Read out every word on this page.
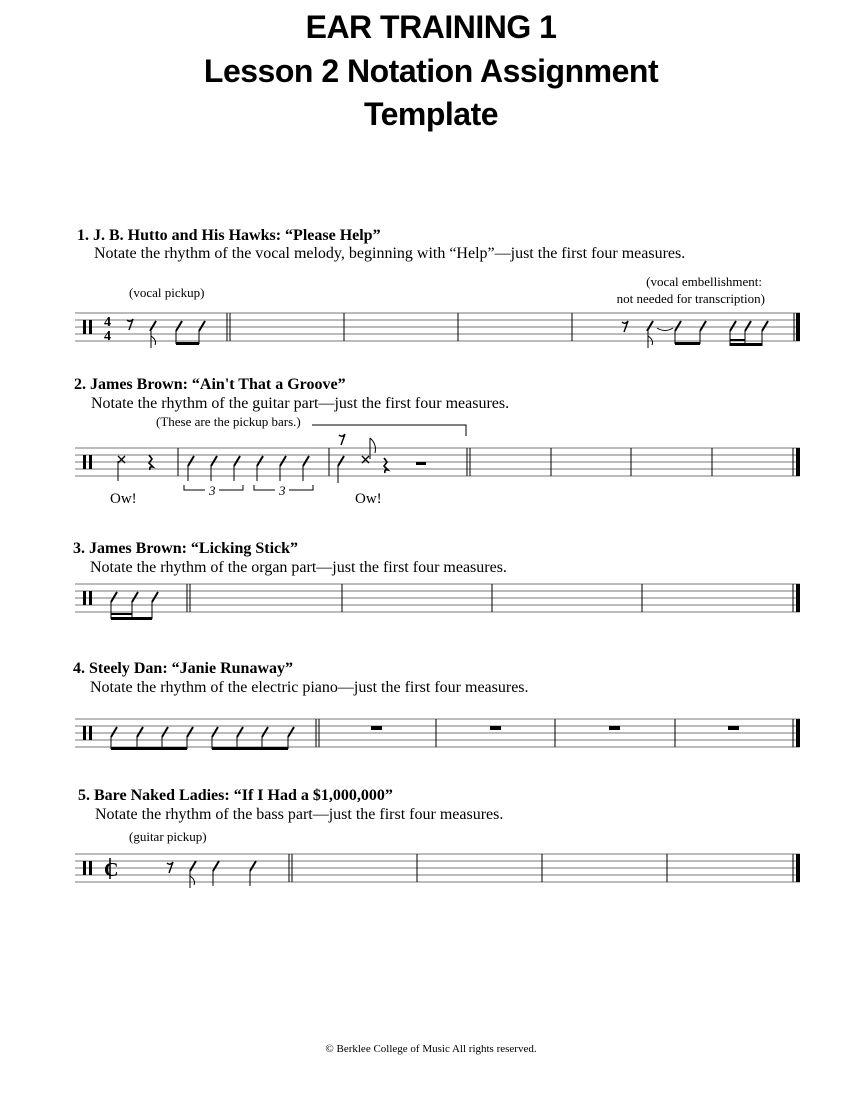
EAR TRAINING 1
Lesson 2 Notation Assignment
Template
1. J. B. Hutto and His Hawks: “Please Help”
Notate the rhythm of the vocal melody, beginning with “Help”—just the first four measures.
(vocal pickup)
(vocal embellishment:
not needed for transcription)
4
4
2. James Brown: “Ain't That a Groove”
Notate the rhythm of the guitar part—just the first four measures.
(These are the pickup bars.)
Ow!	Ow!
3	3
3. James Brown: “Licking Stick”
Notate the rhythm of the organ part—just the first four measures.
4. Steely Dan: “Janie Runaway”
Notate the rhythm of the electric piano—just the first four measures.
5. Bare Naked Ladies: “If I Had a $1,000,000”
Notate the rhythm of the bass part—just the first four measures.
(guitar pickup)
C
© Berklee College of Music All rights reserved.
